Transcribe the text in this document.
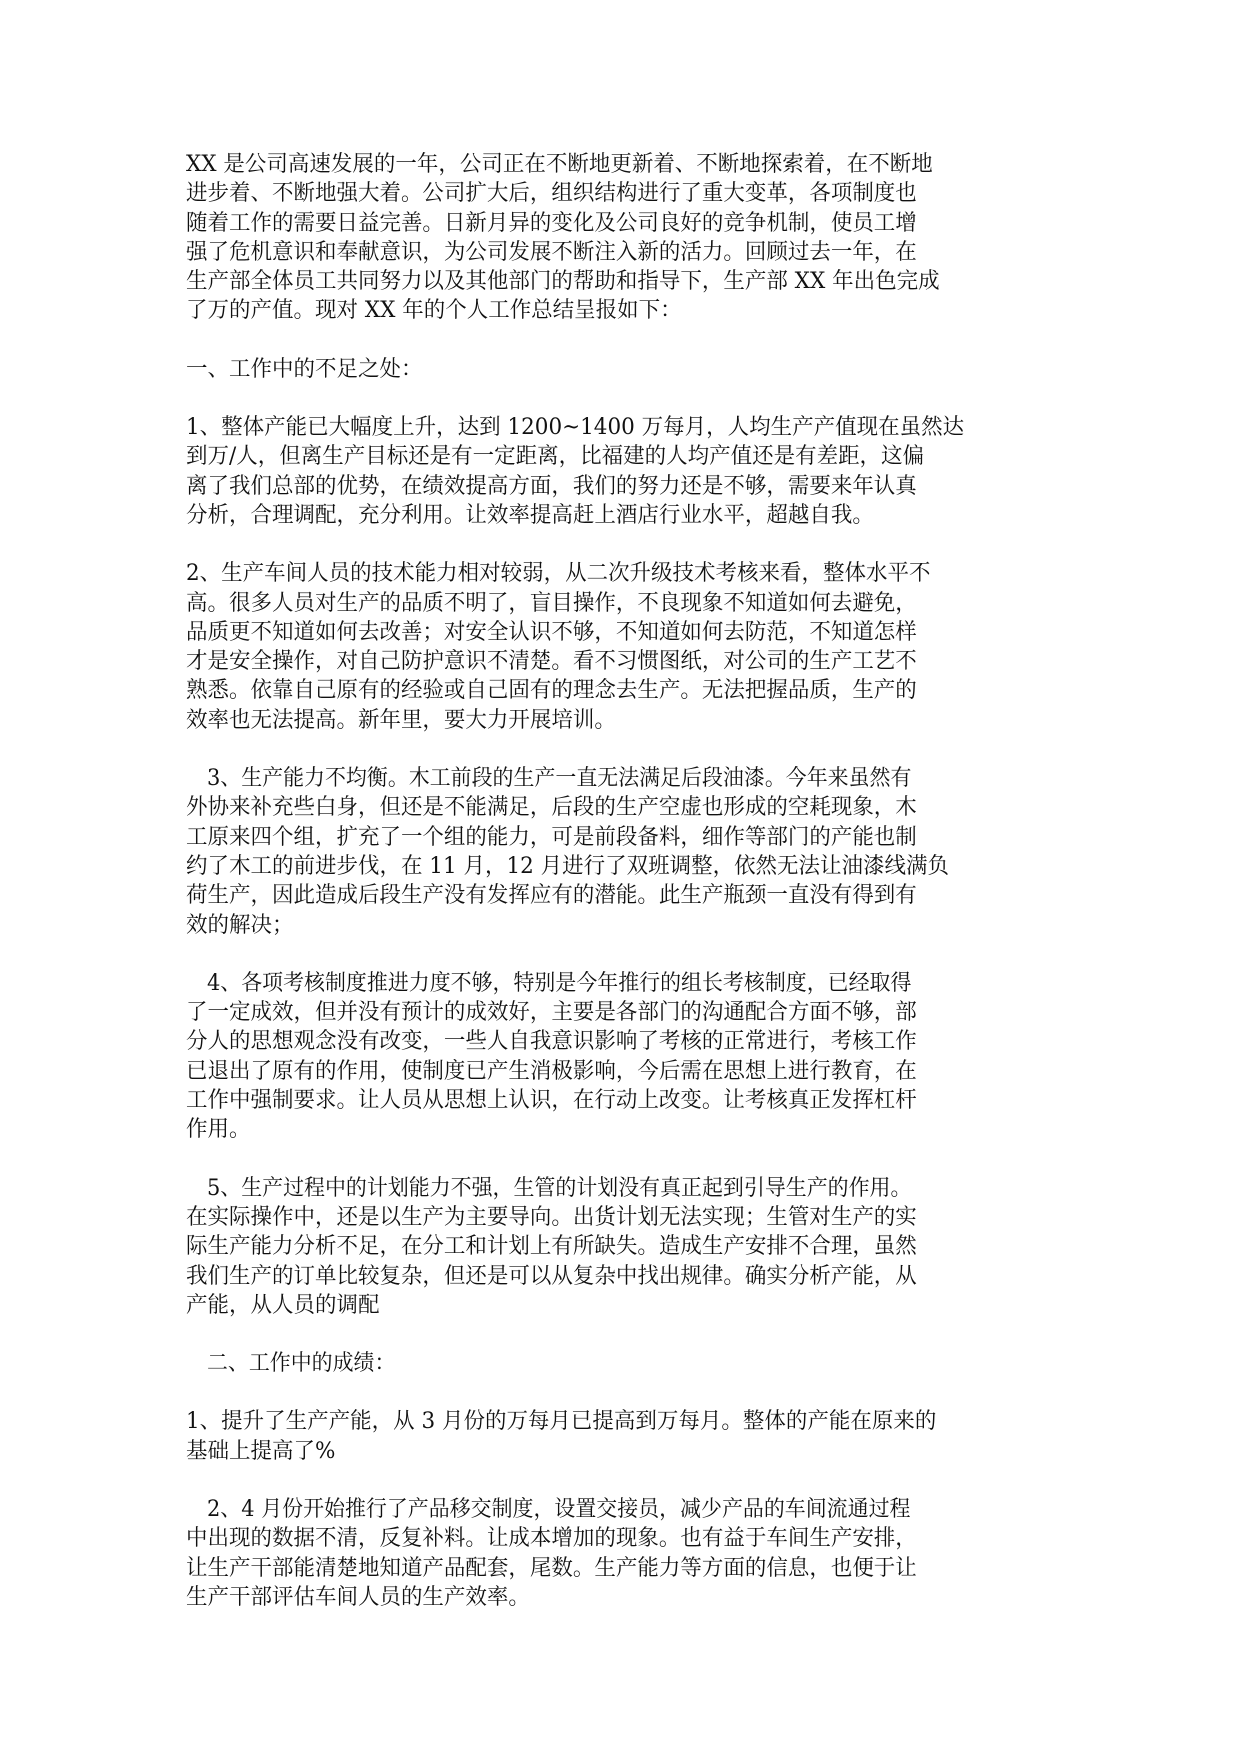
XX 是公司高速发展的一年，公司正在不断地更新着、不断地探索着，在不断地
进步着、不断地强大着。公司扩大后，组织结构进行了重大变革，各项制度也
随着工作的需要日益完善。日新月异的变化及公司良好的竞争机制，使员工增
强了危机意识和奉献意识，为公司发展不断注入新的活力。回顾过去一年，在
生产部全体员工共同努力以及其他部门的帮助和指导下，生产部 XX 年出色完成
了万的产值。现对 XX 年的个人工作总结呈报如下：
一、工作中的不足之处：
1、整体产能已大幅度上升，达到 1200~1400 万每月，人均生产产值现在虽然达
到万/人，但离生产目标还是有一定距离，比福建的人均产值还是有差距，这偏
离了我们总部的优势，在绩效提高方面，我们的努力还是不够，需要来年认真
分析，合理调配，充分利用。让效率提高赶上酒店行业水平，超越自我。
2、生产车间人员的技术能力相对较弱，从二次升级技术考核来看，整体水平不
高。很多人员对生产的品质不明了，盲目操作，不良现象不知道如何去避免，
品质更不知道如何去改善；对安全认识不够，不知道如何去防范，不知道怎样
才是安全操作，对自己防护意识不清楚。看不习惯图纸，对公司的生产工艺不
熟悉。依靠自己原有的经验或自己固有的理念去生产。无法把握品质，生产的
效率也无法提高。新年里，要大力开展培训。
3、生产能力不均衡。木工前段的生产一直无法满足后段油漆。今年来虽然有
外协来补充些白身，但还是不能满足，后段的生产空虚也形成的空耗现象，木
工原来四个组，扩充了一个组的能力，可是前段备料，细作等部门的产能也制
约了木工的前进步伐，在 11 月，12 月进行了双班调整，依然无法让油漆线满负
荷生产，因此造成后段生产没有发挥应有的潜能。此生产瓶颈一直没有得到有
效的解决；
4、各项考核制度推进力度不够，特别是今年推行的组长考核制度，已经取得
了一定成效，但并没有预计的成效好，主要是各部门的沟通配合方面不够，部
分人的思想观念没有改变，一些人自我意识影响了考核的正常进行，考核工作
已退出了原有的作用，使制度已产生消极影响，今后需在思想上进行教育，在
工作中强制要求。让人员从思想上认识，在行动上改变。让考核真正发挥杠杆
作用。
5、生产过程中的计划能力不强，生管的计划没有真正起到引导生产的作用。
在实际操作中，还是以生产为主要导向。出货计划无法实现；生管对生产的实
际生产能力分析不足，在分工和计划上有所缺失。造成生产安排不合理，虽然
我们生产的订单比较复杂，但还是可以从复杂中找出规律。确实分析产能，从
产能，从人员的调配
二、工作中的成绩：
1、提升了生产产能，从 3 月份的万每月已提高到万每月。整体的产能在原来的
基础上提高了%
2、4 月份开始推行了产品移交制度，设置交接员，减少产品的车间流通过程
中出现的数据不清，反复补料。让成本增加的现象。也有益于车间生产安排，
让生产干部能清楚地知道产品配套，尾数。生产能力等方面的信息，也便于让
生产干部评估车间人员的生产效率。
